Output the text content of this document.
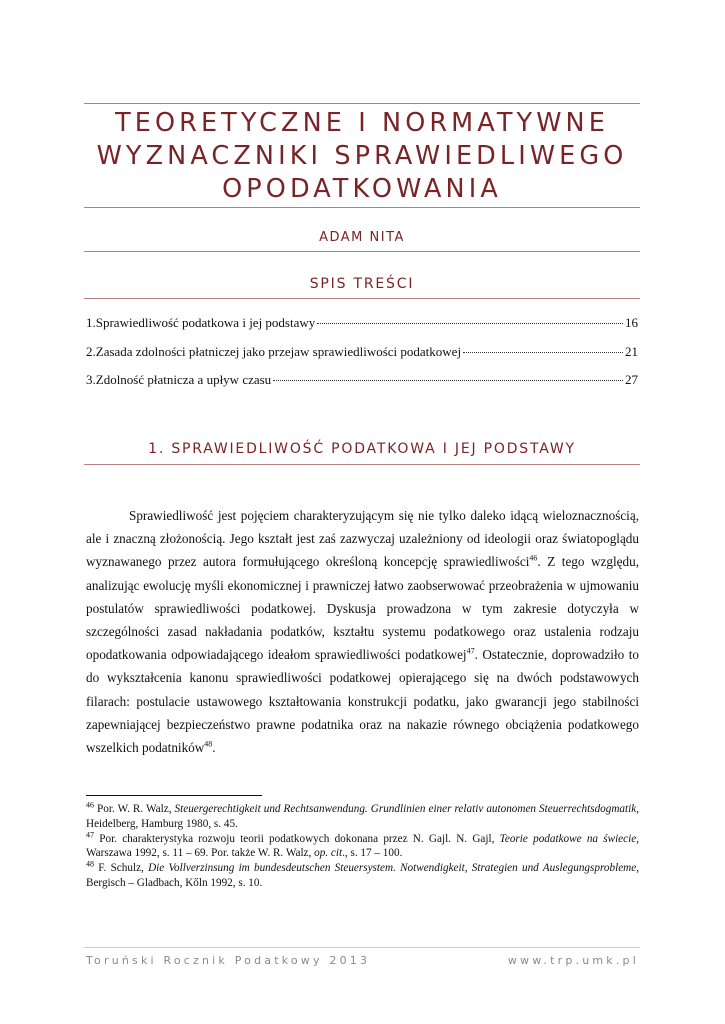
TEORETYCZNE I NORMATYWNE
WYZNACZNIKI SPRAWIEDLIWEGO
OPODATKOWANIA
ADAM NITA
SPIS TREŚCI
1.Sprawiedliwość podatkowa i jej podstawy	16
2.Zasada zdolności płatniczej jako przejaw sprawiedliwości podatkowej	21
3.Zdolność płatnicza a upływ czasu	27
1. SPRAWIEDLIWOŚĆ PODATKOWA I JEJ PODSTAWY

Sprawiedliwość jest pojęciem charakteryzującym się nie tylko daleko idącą wieloznacznością, ale i znaczną złożonością. Jego kształt jest zaś zazwyczaj uzależniony od ideologii oraz światopoglądu wyznawanego przez autora formułującego określoną koncepcję sprawiedliwości$^{46}$. Z tego względu, analizując ewolucję myśli ekonomicznej i prawniczej łatwo zaobserwować przeobrażenia w ujmowaniu postulatów sprawiedliwości podatkowej. Dyskusja prowadzona w tym zakresie dotyczyła w szczególności zasad nakładania podatków, kształtu systemu podatkowego oraz ustalenia rodzaju opodatkowania odpowiadającego ideałom sprawiedliwości podatkowej$^{47}$. Ostatecznie, doprowadziło to do wykształcenia kanonu sprawiedliwości podatkowej opierającego się na dwóch podstawowych filarach: postulacie ustawowego kształtowania konstrukcji podatku, jako gwarancji jego stabilności zapewniającej bezpieczeństwo prawne podatnika oraz na nakazie równego obciążenia podatkowego wszelkich podatników$^{48}$.

$^{46}$ Por. W. R. Walz, Steuergerechtigkeit und Rechtsanwendung. Grundlinien einer relativ autonomen Steuerrechtsdogmatik, Heidelberg, Hamburg 1980, s. 45.

$^{47}$ Por. charakterystyka rozwoju teorii podatkowych dokonana przez N. Gajl. N. Gajl, Teorie podatkowe na świecie, Warszawa 1992, s. 11 – 69. Por. także W. R. Walz, op. cit., s. 17 – 100.

$^{48}$ F. Schulz, Die Vollverzinsung im bundesdeutschen Steuersystem. Notwendigkeit, Strategien und Auslegungsprobleme, Bergisch – Gladbach, Kőln 1992, s. 10.

Toruński Rocznik Podatkowy 2013	www.trp.umk.pl
